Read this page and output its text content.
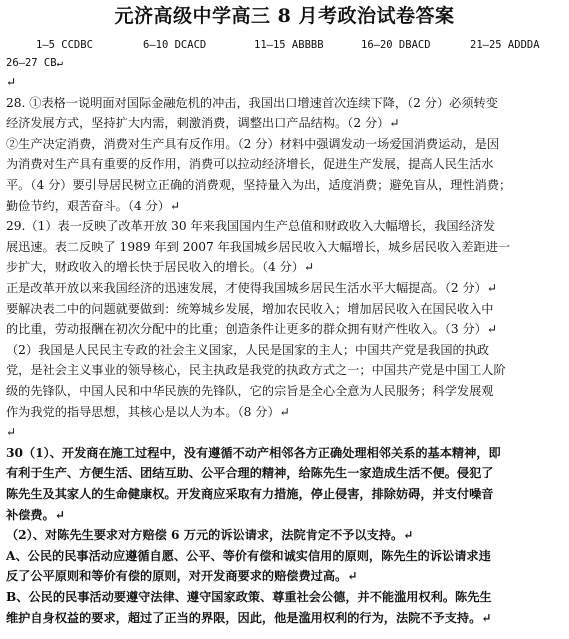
元济高级中学高三 8 月考政治试卷答案
1—5 CCDBC	6—10 DCACD	11—15 ABBBB	16—20 DBACD	21—25 ADDDA
26—27 CB↵
↵
28. ①表格一说明面对国际金融危机的冲击，我国出口增速首次连续下降，（2 分）必须转变
经济发展方式，坚持扩大内需，刺激消费，调整出口产品结构。（2 分）↵
②生产决定消费，消费对生产具有反作用。（2 分）材料中强调发动一场爱国消费运动，是因
为消费对生产具有重要的反作用，消费可以拉动经济增长，促进生产发展，提高人民生活水
平。（4 分）要引导居民树立正确的消费观，坚持量入为出，适度消费；避免盲从，理性消费；
勤俭节约，艰苦奋斗。（4 分）↵
29.（1）表一反映了改革开放 30 年来我国国内生产总值和财政收入大幅增长，我国经济发
展迅速。表二反映了 1989 年到 2007 年我国城乡居民收入大幅增长，城乡居民收入差距进一
步扩大，财政收入的增长快于居民收入的增长。（4 分）↵
正是改革开放以来我国经济的迅速发展，才使得我国城乡居民生活水平大幅提高。（2 分）↵
要解决表二中的问题就要做到：统筹城乡发展，增加农民收入；增加居民收入在国民收入中
的比重，劳动报酬在初次分配中的比重；创造条件让更多的群众拥有财产性收入。（3 分）↵
（2）我国是人民民主专政的社会主义国家，人民是国家的主人；中国共产党是我国的执政
党，是社会主义事业的领导核心，民主执政是我党的执政方式之一；中国共产党是中国工人阶
级的先锋队，中国人民和中华民族的先锋队，它的宗旨是全心全意为人民服务；科学发展观
作为我党的指导思想，其核心是以人为本。（8 分）↵
↵
30（1）、开发商在施工过程中，没有遵循不动产相邻各方正确处理相邻关系的基本精神，即
有利于生产、方便生活、团结互助、公平合理的精神，给陈先生一家造成生活不便。侵犯了
陈先生及其家人的生命健康权。开发商应采取有力措施，停止侵害，排除妨碍，并支付噪音
补偿费。↵
（2）、对陈先生要求对方赔偿 6 万元的诉讼请求，法院肯定不予以支持。↵
A、公民的民事活动应遵循自愿、公平、等价有偿和诚实信用的原则，陈先生的诉讼请求违
反了公平原则和等价有偿的原则，对开发商要求的赔偿费过高。↵
B、公民的民事活动要遵守法律、遵守国家政策、尊重社会公德，并不能滥用权利。陈先生
维护自身权益的要求，超过了正当的界限，因此，他是滥用权利的行为，法院不予支持。↵
